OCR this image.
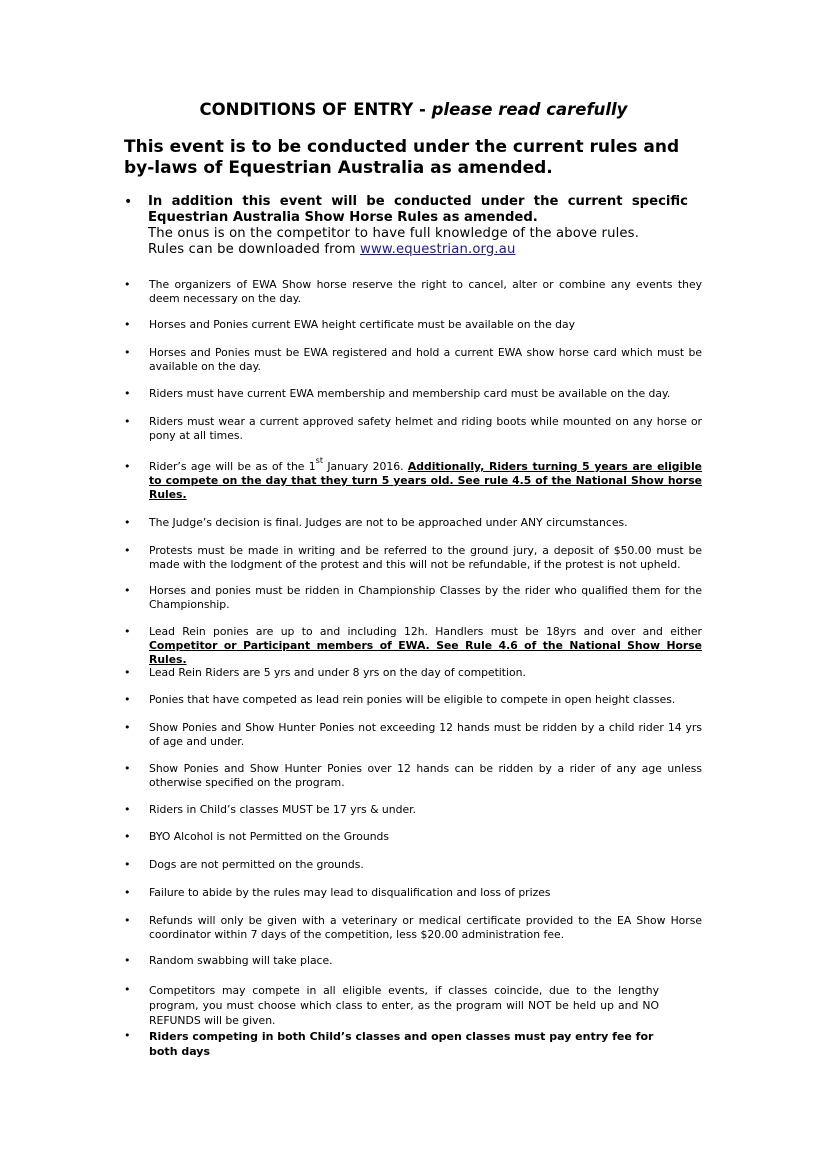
CONDITIONS OF ENTRY - please read carefully
This event is to be conducted under the current rules and by-laws of Equestrian Australia as amended.
•	In addition this event will be conducted under the current specific Equestrian Australia Show Horse Rules as amended.
The onus is on the competitor to have full knowledge of the above rules.
Rules can be downloaded from www.equestrian.org.au
•	The organizers of EWA Show horse reserve the right to cancel, alter or combine any events they deem necessary on the day.
•	Horses and Ponies current EWA height certificate must be available on the day
•	Horses and Ponies must be EWA registered and hold a current EWA show horse card which must be available on the day.
•	Riders must have current EWA membership and membership card must be available on the day.
•	Riders must wear a current approved safety helmet and riding boots while mounted on any horse or pony at all times.
•	Rider’s age will be as of the 1st January 2016. Additionally, Riders turning 5 years are eligible to compete on the day that they turn 5 years old. See rule 4.5 of the National Show horse Rules.
•	The Judge’s decision is final. Judges are not to be approached under ANY circumstances.
•	Protests must be made in writing and be referred to the ground jury, a deposit of $50.00 must be made with the lodgment of the protest and this will not be refundable, if the protest is not upheld.
•	Horses and ponies must be ridden in Championship Classes by the rider who qualified them for the Championship.
•	Lead Rein ponies are up to and including 12h. Handlers must be 18yrs and over and either Competitor or Participant members of EWA. See Rule 4.6 of the National Show Horse Rules.
•	Lead Rein Riders are 5 yrs and under 8 yrs on the day of competition.
•	Ponies that have competed as lead rein ponies will be eligible to compete in open height classes.
•	Show Ponies and Show Hunter Ponies not exceeding 12 hands must be ridden by a child rider 14 yrs of age and under.
•	Show Ponies and Show Hunter Ponies over 12 hands can be ridden by a rider of any age unless otherwise specified on the program.
•	Riders in Child’s classes MUST be 17 yrs & under.
•	BYO Alcohol is not Permitted on the Grounds
•	Dogs are not permitted on the grounds.
•	Failure to abide by the rules may lead to disqualification and loss of prizes
•	Refunds will only be given with a veterinary or medical certificate provided to the EA Show Horse coordinator within 7 days of the competition, less $20.00 administration fee.
•	Random swabbing will take place.
•	Competitors may compete in all eligible events, if classes coincide, due to the lengthy program, you must choose which class to enter, as the program will NOT be held up and NO REFUNDS will be given.
•	Riders competing in both Child’s classes and open classes must pay entry fee for both days
